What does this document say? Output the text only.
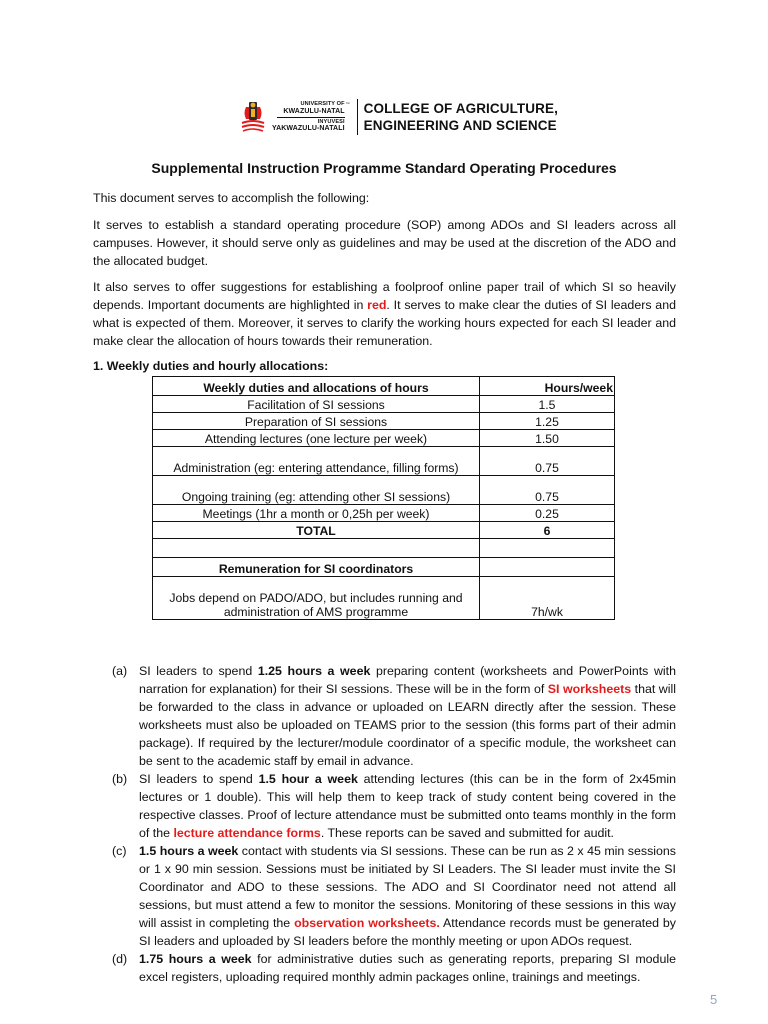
UNIVERSITY OF
KWAZULU-NATAL
INYUVESI
YAKWAZULU-NATALI
™ COLLEGE OF AGRICULTURE,
ENGINEERING AND SCIENCE
Supplemental Instruction Programme Standard Operating Procedures

This document serves to accomplish the following:

It serves to establish a standard operating procedure (SOP) among ADOs and SI leaders across all campuses. However, it should serve only as guidelines and may be used at the discretion of the ADO and the allocated budget.

It also serves to offer suggestions for establishing a foolproof online paper trail of which SI so heavily depends. Important documents are highlighted in red. It serves to make clear the duties of SI leaders and what is expected of them. Moreover, it serves to clarify the working hours expected for each SI leader and make clear the allocation of hours towards their remuneration.

1. Weekly duties and hourly allocations:
Weekly duties and allocations of hours	Hours/week
Facilitation of SI sessions	1.5
Preparation of SI sessions	1.25
Attending lectures (one lecture per week)	1.50
Administration (eg: entering attendance, filling forms)	0.75
Ongoing training (eg: attending other SI sessions)	0.75
Meetings (1hr a month or 0,25h per week)	0.25
TOTAL	6

Remuneration for SI coordinators	
Jobs depend on PADO/ADO, but includes running and administration of AMS programme	7h/wk
(a) SI leaders to spend 1.25 hours a week preparing content (worksheets and PowerPoints with narration for explanation) for their SI sessions. These will be in the form of SI worksheets that will be forwarded to the class in advance or uploaded on LEARN directly after the session. These worksheets must also be uploaded on TEAMS prior to the session (this forms part of their admin package). If required by the lecturer/module coordinator of a specific module, the worksheet can be sent to the academic staff by email in advance.
(b) SI leaders to spend 1.5 hour a week attending lectures (this can be in the form of 2x45min lectures or 1 double). This will help them to keep track of study content being covered in the respective classes. Proof of lecture attendance must be submitted onto teams monthly in the form of the lecture attendance forms. These reports can be saved and submitted for audit.
(c)	1.5 hours a week contact with students via SI sessions. These can be run as 2 x 45 min sessions or 1 x 90 min session. Sessions must be initiated by SI Leaders. The SI leader must invite the SI Coordinator and ADO to these sessions. The ADO and SI Coordinator need not attend all sessions, but must attend a few to monitor the sessions. Monitoring of these sessions in this way will assist in completing the observation worksheets. Attendance records must be generated by SI leaders and uploaded by SI leaders before the monthly meeting or upon ADOs request.
(d) 1.75 hours a week for administrative duties such as generating reports, preparing SI module excel registers, uploading required monthly admin packages online, trainings and meetings.
5
